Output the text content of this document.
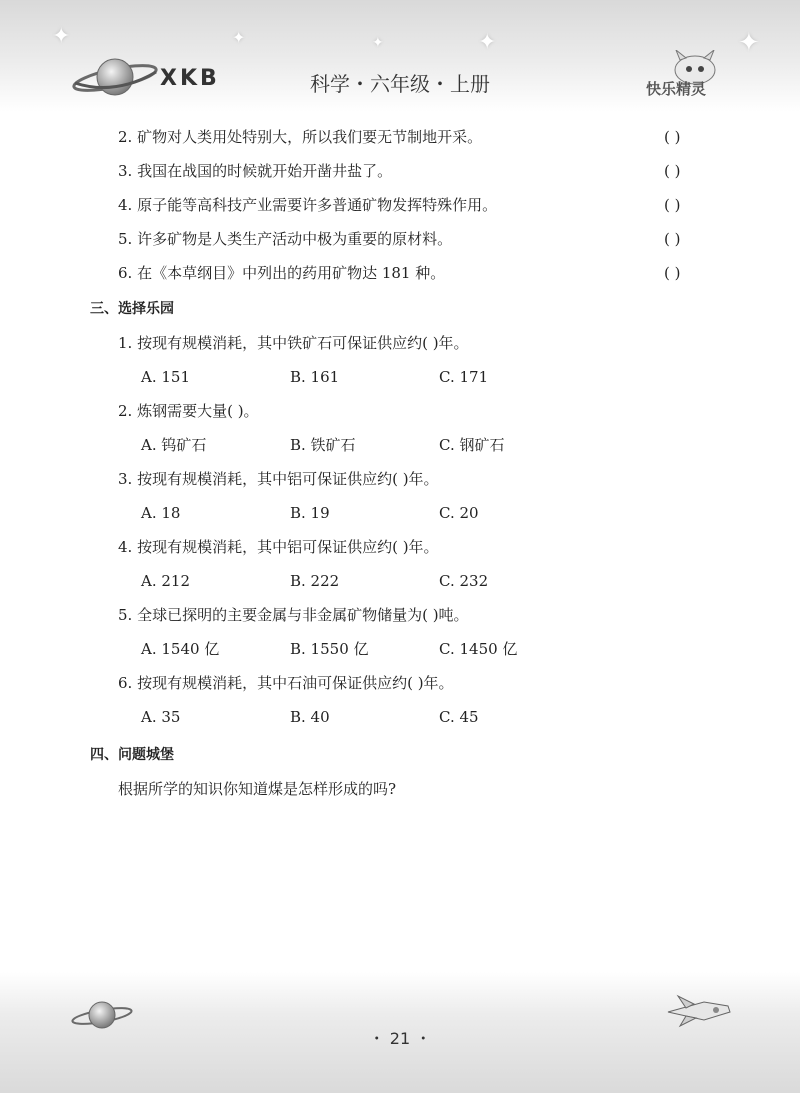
✦	✦	✦	✦	✦
XKB	科学・六年级・上册	快乐精灵
2. 矿物对人类用处特别大，所以我们要无节制地开采。	( )
3. 我国在战国的时候就开始开凿井盐了。	( )
4. 原子能等高科技产业需要许多普通矿物发挥特殊作用。	( )
5. 许多矿物是人类生产活动中极为重要的原材料。	( )
6. 在《本草纲目》中列出的药用矿物达 181 种。	( )
三、选择乐园
1. 按现有规模消耗，其中铁矿石可保证供应约( )年。
A. 151	B. 161	C. 171
2. 炼钢需要大量( )。
A. 钨矿石	B. 铁矿石	C. 钢矿石
3. 按现有规模消耗，其中铝可保证供应约( )年。
A. 18	B. 19	C. 20
4. 按现有规模消耗，其中铝可保证供应约( )年。
A. 212	B. 222	C. 232
5. 全球已探明的主要金属与非金属矿物储量为( )吨。
A. 1540 亿	B. 1550 亿	C. 1450 亿
6. 按现有规模消耗，其中石油可保证供应约( )年。
A. 35	B. 40	C. 45
四、问题城堡
根据所学的知识你知道煤是怎样形成的吗?
・ 21 ・
